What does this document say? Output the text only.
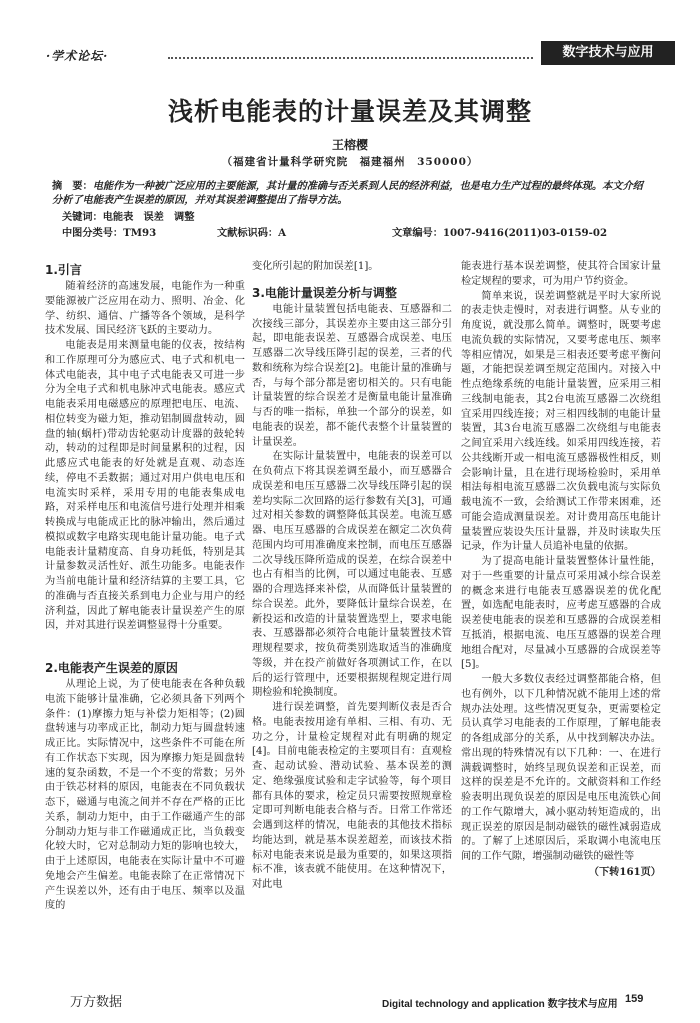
·学术论坛·	数字技术与应用
浅析电能表的计量误差及其调整
王榕樱
（福建省计量科学研究院　福建福州　350000）
摘　要：电能作为一种被广泛应用的主要能源，其计量的准确与否关系到人民的经济利益，也是电力生产过程的最终体现。本文介绍分析了电能表产生误差的原因，并对其误差调整提出了指导方法。
关键词：电能表　误差　调整
中图分类号：TM93	文献标识码：A	文章编号：1007-9416(2011)03-0159-02
1.引言

随着经济的高速发展，电能作为一种重要能源被广泛应用在动力、照明、冶金、化学、纺织、通信、广播等各个领域，是科学技术发展、国民经济飞跃的主要动力。

电能表是用来测量电能的仪表，按结构和工作原理可分为感应式、电子式和机电一体式电能表，其中电子式电能表又可进一步分为全电子式和机电脉冲式电能表。感应式电能表采用电磁感应的原理把电压、电流、相位转变为磁力矩，推动铝制圆盘转动，圆盘的轴(蜗杆)带动齿轮驱动计度器的鼓轮转动，转动的过程即是时间量累积的过程，因此感应式电能表的好处就是直观、动态连续，停电不丢数据；通过对用户供电电压和电流实时采样，采用专用的电能表集成电路，对采样电压和电流信号进行处理并相乘转换成与电能成正比的脉冲输出，然后通过模拟或数字电路实现电能计量功能。电子式电能表计量精度高、自身功耗低，特别是其计量参数灵活性好、派生功能多。电能表作为当前电能计量和经济结算的主要工具，它的准确与否直接关系到电力企业与用户的经济利益，因此了解电能表计量误差产生的原因，并对其进行误差调整显得十分重要。

2.电能表产生误差的原因

从理论上说，为了使电能表在各种负载电流下能够计量准确，它必须具备下列两个条件：(1)摩擦力矩与补偿力矩相等；(2)圆盘转速与功率成正比，制动力矩与圆盘转速成正比。实际情况中，这些条件不可能在所有工作状态下实现，因为摩擦力矩是圆盘转速的复杂函数，不是一个不变的常数；另外由于铁芯材料的原因，电能表在不同负载状态下，磁通与电流之间并不存在严格的正比关系，制动力矩中，由于工作磁通产生的部分制动力矩与非工作磁通成正比，当负载变化较大时，它对总制动力矩的影响也较大，由于上述原因，电能表在实际计量中不可避免地会产生偏差。电能表除了在正常情况下产生误差以外，还有由于电压、频率以及温度的

变化所引起的附加误差[1]。

3.电能计量误差分析与调整

电能计量装置包括电能表、互感器和二次接线三部分，其误差亦主要由这三部分引起，即电能表误差、互感器合成误差、电压互感器二次导线压降引起的误差，三者的代数和统称为综合误差[2]。电能计量的准确与否，与每个部分都是密切相关的。只有电能计量装置的综合误差才是衡量电能计量准确与否的唯一指标，单独一个部分的误差，如电能表的误差，都不能代表整个计量装置的计量误差。

在实际计量装置中，电能表的误差可以在负荷点下将其误差调至最小，而互感器合成误差和电压互感器二次导线压降引起的误差均实际二次回路的运行参数有关[3]，可通过对相关参数的调整降低其误差。电流互感器、电压互感器的合成误差在额定二次负荷范围内均可用准确度来控制，而电压互感器二次导线压降所造成的误差，在综合误差中也占有相当的比例，可以通过电能表、互感器的合理选择来补偿，从而降低计量装置的综合误差。此外，要降低计量综合误差，在新投运和改造的计量装置选型上，要求电能表、互感器都必须符合电能计量装置技术管理规程要求，按负荷类别选取适当的准确度等级，并在投产前做好各项测试工作，在以后的运行管理中，还要根据规程规定进行周期检验和轮换制度。

进行误差调整，首先要判断仪表是否合格。电能表按用途有单相、三相、有功、无功之分，计量检定规程对此有明确的规定[4]。目前电能表检定的主要项目有：直观检查、起动试验、潜动试验、基本误差的测定、绝缘强度试验和走字试验等，每个项目都有具体的要求，检定员只需要按照规章检定即可判断电能表合格与否。日常工作常还会遇到这样的情况，电能表的其他技术指标均能达到，就是基本误差超差，而该技术指标对电能表来说是最为重要的，如果这项指标不准，该表就不能使用。在这种情况下，对此电

能表进行基本误差调整，使其符合国家计量检定规程的要求，可为用户节约资金。

简单来说，误差调整就是平时大家所说的表走快走慢时，对表进行调整。从专业的角度说，就没那么简单。调整时，既要考虑电流负载的实际情况，又要考虑电压、频率等相应情况，如果是三相表还要考虑平衡问题，才能把误差调至规定范围内。对接入中性点绝缘系统的电能计量装置，应采用三相三线制电能表，其2台电流互感器二次绕组宜采用四线连接；对三相四线制的电能计量装置，其3台电流互感器二次绕组与电能表之间宜采用六线连线。如采用四线连接，若公共线断开或一相电流互感器极性相反，则会影响计量，且在进行现场检验时，采用单相法每相电流互感器二次负载电流与实际负载电流不一致，会给测试工作带来困难，还可能会造成测量误差。对计费用高压电能计量装置应装设失压计量器，并及时读取失压记录，作为计量人员追补电量的依据。

为了提高电能计量装置整体计量性能，对于一些重要的计量点可采用减小综合误差的概念来进行电能表互感器误差的优化配置，如选配电能表时，应考虑互感器的合成误差使电能表的误差和互感器的合成误差相互抵消，根据电流、电压互感器的误差合理地组合配对，尽量减小互感器的合成误差等[5]。

一般大多数仪表经过调整都能合格，但也有例外，以下几种情况就不能用上述的常规办法处理。这些情况更复杂，更需要检定员认真学习电能表的工作原理，了解电能表的各组成部分的关系，从中找到解决办法。常出现的特殊情况有以下几种：一、在进行满载调整时，始终呈现负误差和正误差，而这样的误差是不允许的。文献资料和工作经验表明出现负误差的原因是电压电流铁心间的工作气隙增大，减小驱动转矩造成的，出现正误差的原因是制动磁铁的磁性减弱造成的。了解了上述原因后，采取调小电流电压间的工作气隙，增强制动磁铁的磁性等

（下转161页）
万方数据	Digital technology and application 数字技术与应用 159
